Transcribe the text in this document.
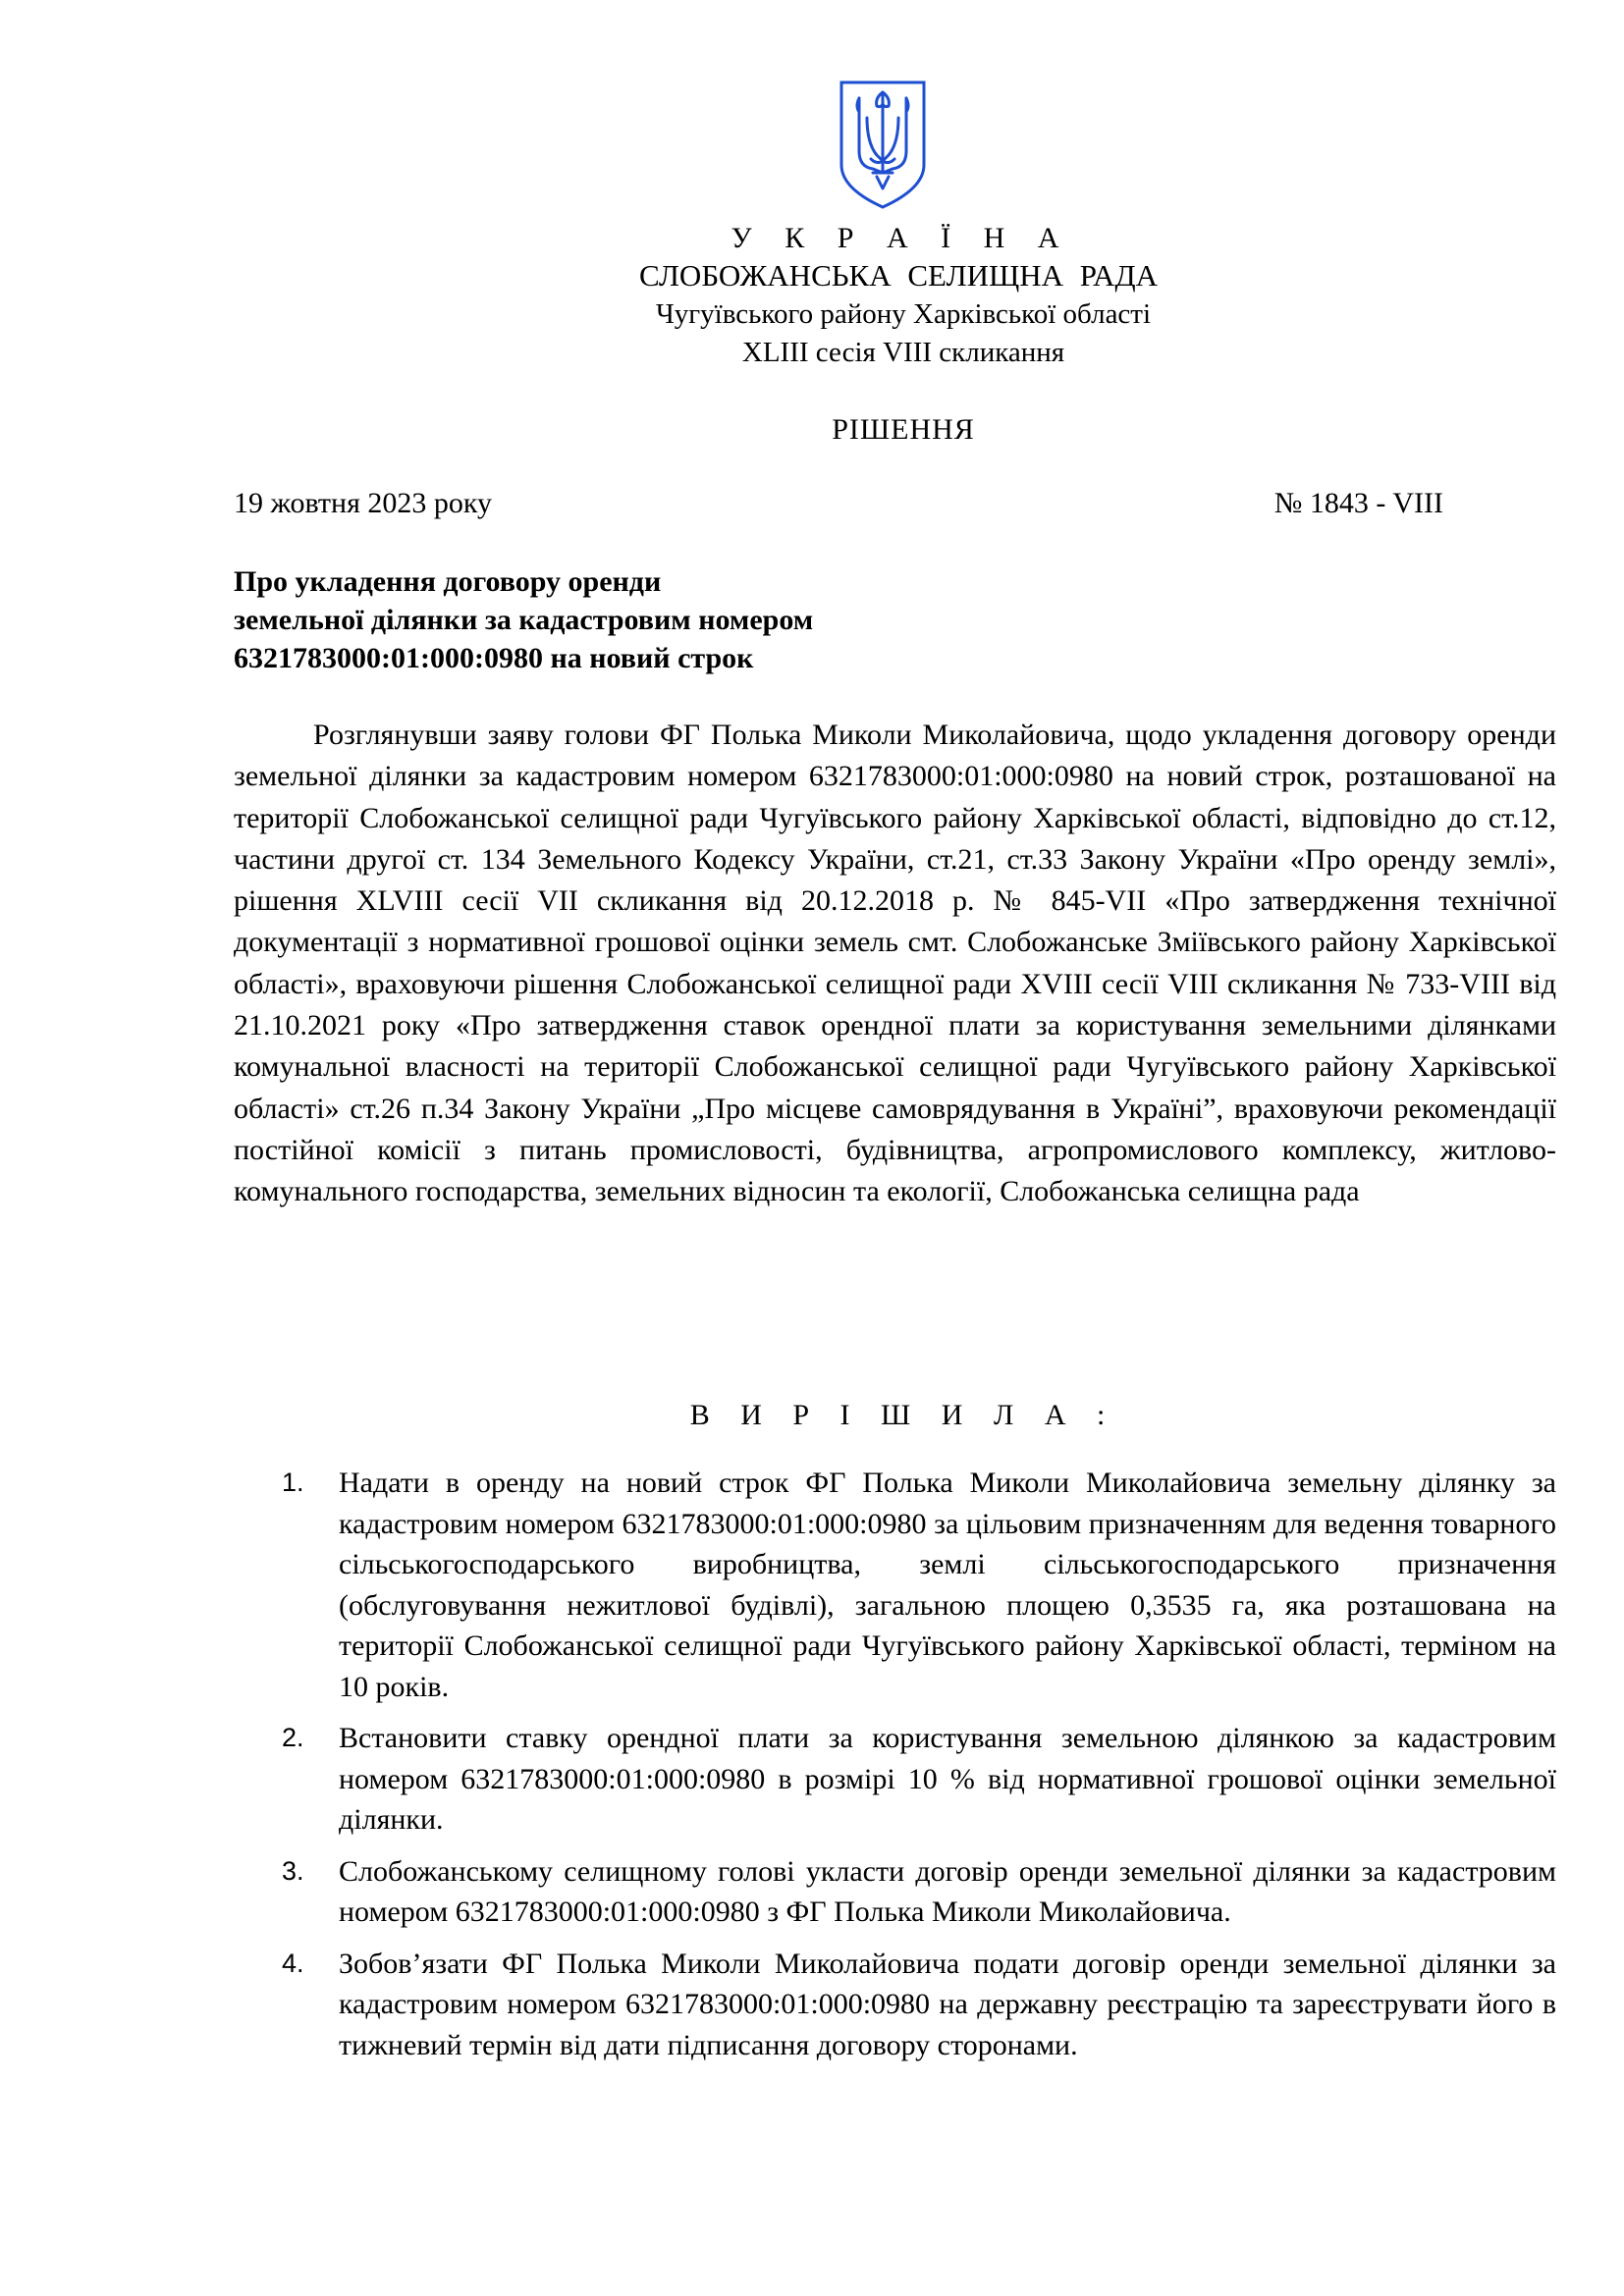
У К Р А Ї Н А
СЛОБОЖАНСЬКА СЕЛИЩНА РАДА
Чугуївського району Харківської області
XLIII сесія VIII скликання
РІШЕННЯ
19 жовтня 2023 року	№ 1843 - VIII
Про укладення договору оренди
земельної ділянки за кадастровим номером
6321783000:01:000:0980 на новий строк
Розглянувши заяву голови ФГ Полька Миколи Миколайовича, щодо укладення договору оренди земельної ділянки за кадастровим номером 6321783000:01:000:0980 на новий строк, розташованої на території Слобожанської селищної ради Чугуївського району Харківської області, відповідно до ст.12, частини другої ст. 134 Земельного Кодексу України, ст.21, ст.33 Закону України «Про оренду землі», рішення XLVIII сесії VII скликання від 20.12.2018 р. № 845-VII «Про затвердження технічної документації з нормативної грошової оцінки земель смт. Слобожанське Зміївського району Харківської області», враховуючи рішення Слобожанської селищної ради XVIII сесії VIII скликання № 733-VIII від 21.10.2021 року «Про затвердження ставок орендної плати за користування земельними ділянками комунальної власності на території Слобожанської селищної ради Чугуївського району Харківської області» ст.26 п.34 Закону України „Про місцеве самоврядування в Україні”, враховуючи рекомендації постійної комісії з питань промисловості, будівництва, агропромислового комплексу, житлово-комунального господарства, земельних відносин та екології, Слобожанська селищна рада
В И Р І Ш И Л А :
1. Надати в оренду на новий строк ФГ Полька Миколи Миколайовича земельну ділянку за кадастровим номером 6321783000:01:000:0980 за цільовим призначенням для ведення товарного сільськогосподарського виробництва, землі сільськогосподарського призначення (обслуговування нежитлової будівлі), загальною площею 0,3535 га, яка розташована на території Слобожанської селищної ради Чугуївського району Харківської області, терміном на 10 років.
2. Встановити ставку орендної плати за користування земельною ділянкою за кадастровим номером 6321783000:01:000:0980 в розмірі 10 % від нормативної грошової оцінки земельної ділянки.
3. Слобожанському селищному голові укласти договір оренди земельної ділянки за кадастровим номером 6321783000:01:000:0980 з ФГ Полька Миколи Миколайовича.
4. Зобов’язати ФГ Полька Миколи Миколайовича подати договір оренди земельної ділянки за кадастровим номером 6321783000:01:000:0980 на державну реєстрацію та зареєструвати його в тижневий термін від дати підписання договору сторонами.
